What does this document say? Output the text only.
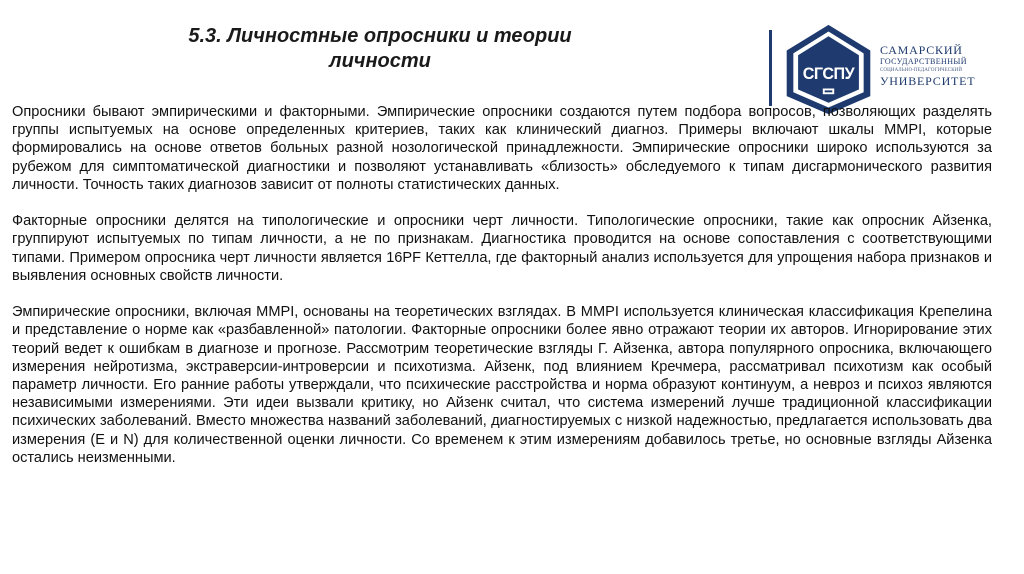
5.3. Личностные опросники и теории
личности
СГСПУ
САМАРСКИЙ
ГОСУДАРСТВЕННЫЙ
СОЦИАЛЬНО-ПЕДАГОГИЧЕСКИЙ
УНИВЕРСИТЕТ

Опросники бывают эмпирическими и факторными. Эмпирические опросники создаются путем подбора вопросов, позволяющих разделять группы испытуемых на основе определенных критериев, таких как клинический диагноз. Примеры включают шкалы MMPI, которые формировались на основе ответов больных разной нозологической принадлежности. Эмпирические опросники широко используются за рубежом для симптоматической диагностики и позволяют устанавливать «близость» обследуемого к типам дисгармонического развития личности. Точность таких диагнозов зависит от полноты статистических данных.

Факторные опросники делятся на типологические и опросники черт личности. Типологические опросники, такие как опросник Айзенка, группируют испытуемых по типам личности, а не по признакам. Диагностика проводится на основе сопоставления с соответствующими типами. Примером опросника черт личности является 16PF Кеттелла, где факторный анализ используется для упрощения набора признаков и выявления основных свойств личности.

Эмпирические опросники, включая MMPI, основаны на теоретических взглядах. В MMPI используется клиническая классификация Крепелина и представление о норме как «разбавленной» патологии. Факторные опросники более явно отражают теории их авторов. Игнорирование этих теорий ведет к ошибкам в диагнозе и прогнозе. Рассмотрим теоретические взгляды Г. Айзенка, автора популярного опросника, включающего измерения нейротизма, экстраверсии-интроверсии и психотизма. Айзенк, под влиянием Кречмера, рассматривал психотизм как особый параметр личности. Его ранние работы утверждали, что психические расстройства и норма образуют континуум, а невроз и психоз являются независимыми измерениями. Эти идеи вызвали критику, но Айзенк считал, что система измерений лучше традиционной классификации психических заболеваний. Вместо множества названий заболеваний, диагностируемых с низкой надежностью, предлагается использовать два измерения (E и N) для количественной оценки личности. Со временем к этим измерениям добавилось третье, но основные взгляды Айзенка остались неизменными.
